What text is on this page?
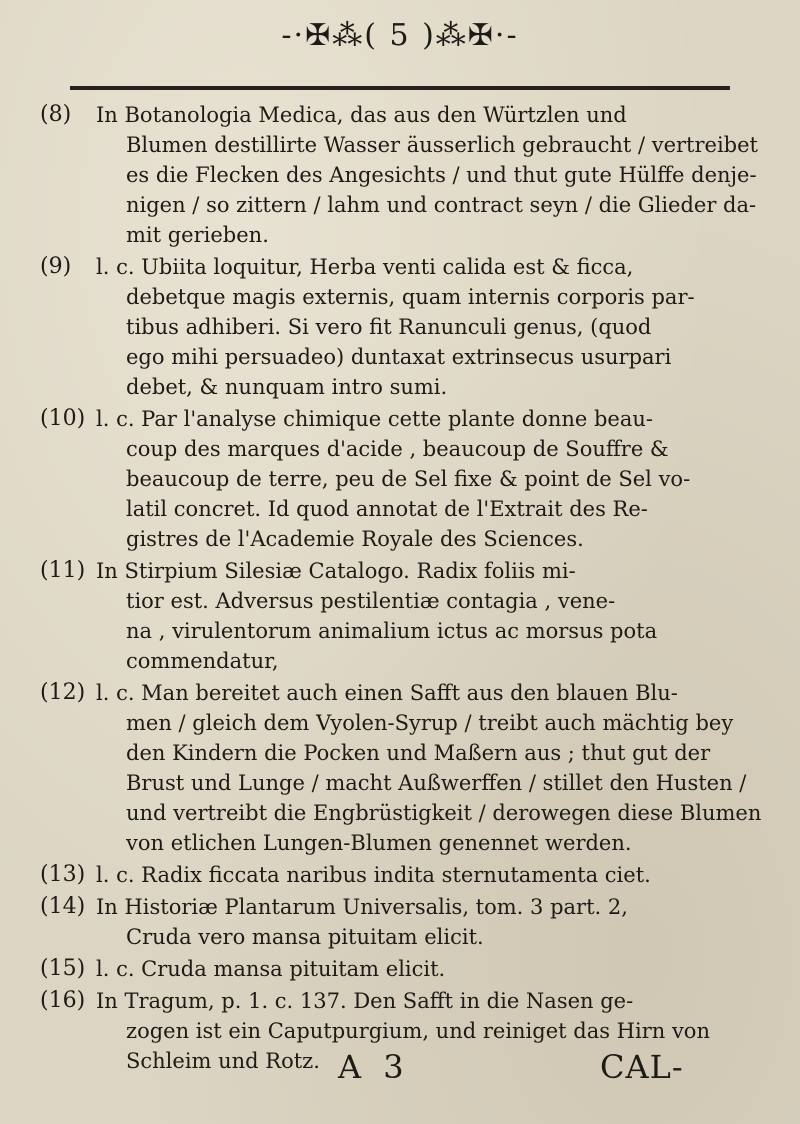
-·✠⁂( 5 )⁂✠·-
(8)	In Botanologia Medica, das aus den Würtzlen und
Blumen destillirte Wasser äusserlich gebraucht / vertreibet
es die Flecken des Angesichts / und thut gute Hülffe denje-
nigen / so zittern / lahm und contract seyn / die Glieder da-
mit gerieben.
(9)	l. c. Ubiita loquitur, Herba venti calida est & ficca,
debetque magis externis, quam internis corporis par-
tibus adhiberi. Si vero fit Ranunculi genus, (quod
ego mihi persuadeo) duntaxat extrinsecus usurpari
debet, & nunquam intro sumi.
(10) l. c. Par l'analyse chimique cette plante donne beau-
coup des marques d'acide , beaucoup de Souffre &
beaucoup de terre, peu de Sel fixe & point de Sel vo-
latil concret. Id quod annotat de l'Extrait des Re-
gistres de l'Academie Royale des Sciences.
(11) In Stirpium Silesiæ Catalogo. Radix foliis mi-
tior est. Adversus pestilentiæ contagia , vene-
na , virulentorum animalium ictus ac morsus pota
commendatur,
(12) l. c. Man bereitet auch einen Safft aus den blauen Blu-
men / gleich dem Vyolen-Syrup / treibt auch mächtig bey
den Kindern die Pocken und Maßern aus ; thut gut der
Brust und Lunge / macht Außwerffen / stillet den Husten /
und vertreibt die Engbrüstigkeit / derowegen diese Blumen
von etlichen Lungen-Blumen genennet werden.
(13) l. c. Radix ficcata naribus indita sternutamenta ciet.
(14) In Historiæ Plantarum Universalis, tom. 3 part. 2,
Cruda vero mansa pituitam elicit.
(15) l. c. Cruda mansa pituitam elicit.
(16) In Tragum, p. 1. c. 137. Den Safft in die Nasen ge-
zogen ist ein Caputpurgium, und reiniget das Hirn von
Schleim und Rotz. A 3	CAL-
